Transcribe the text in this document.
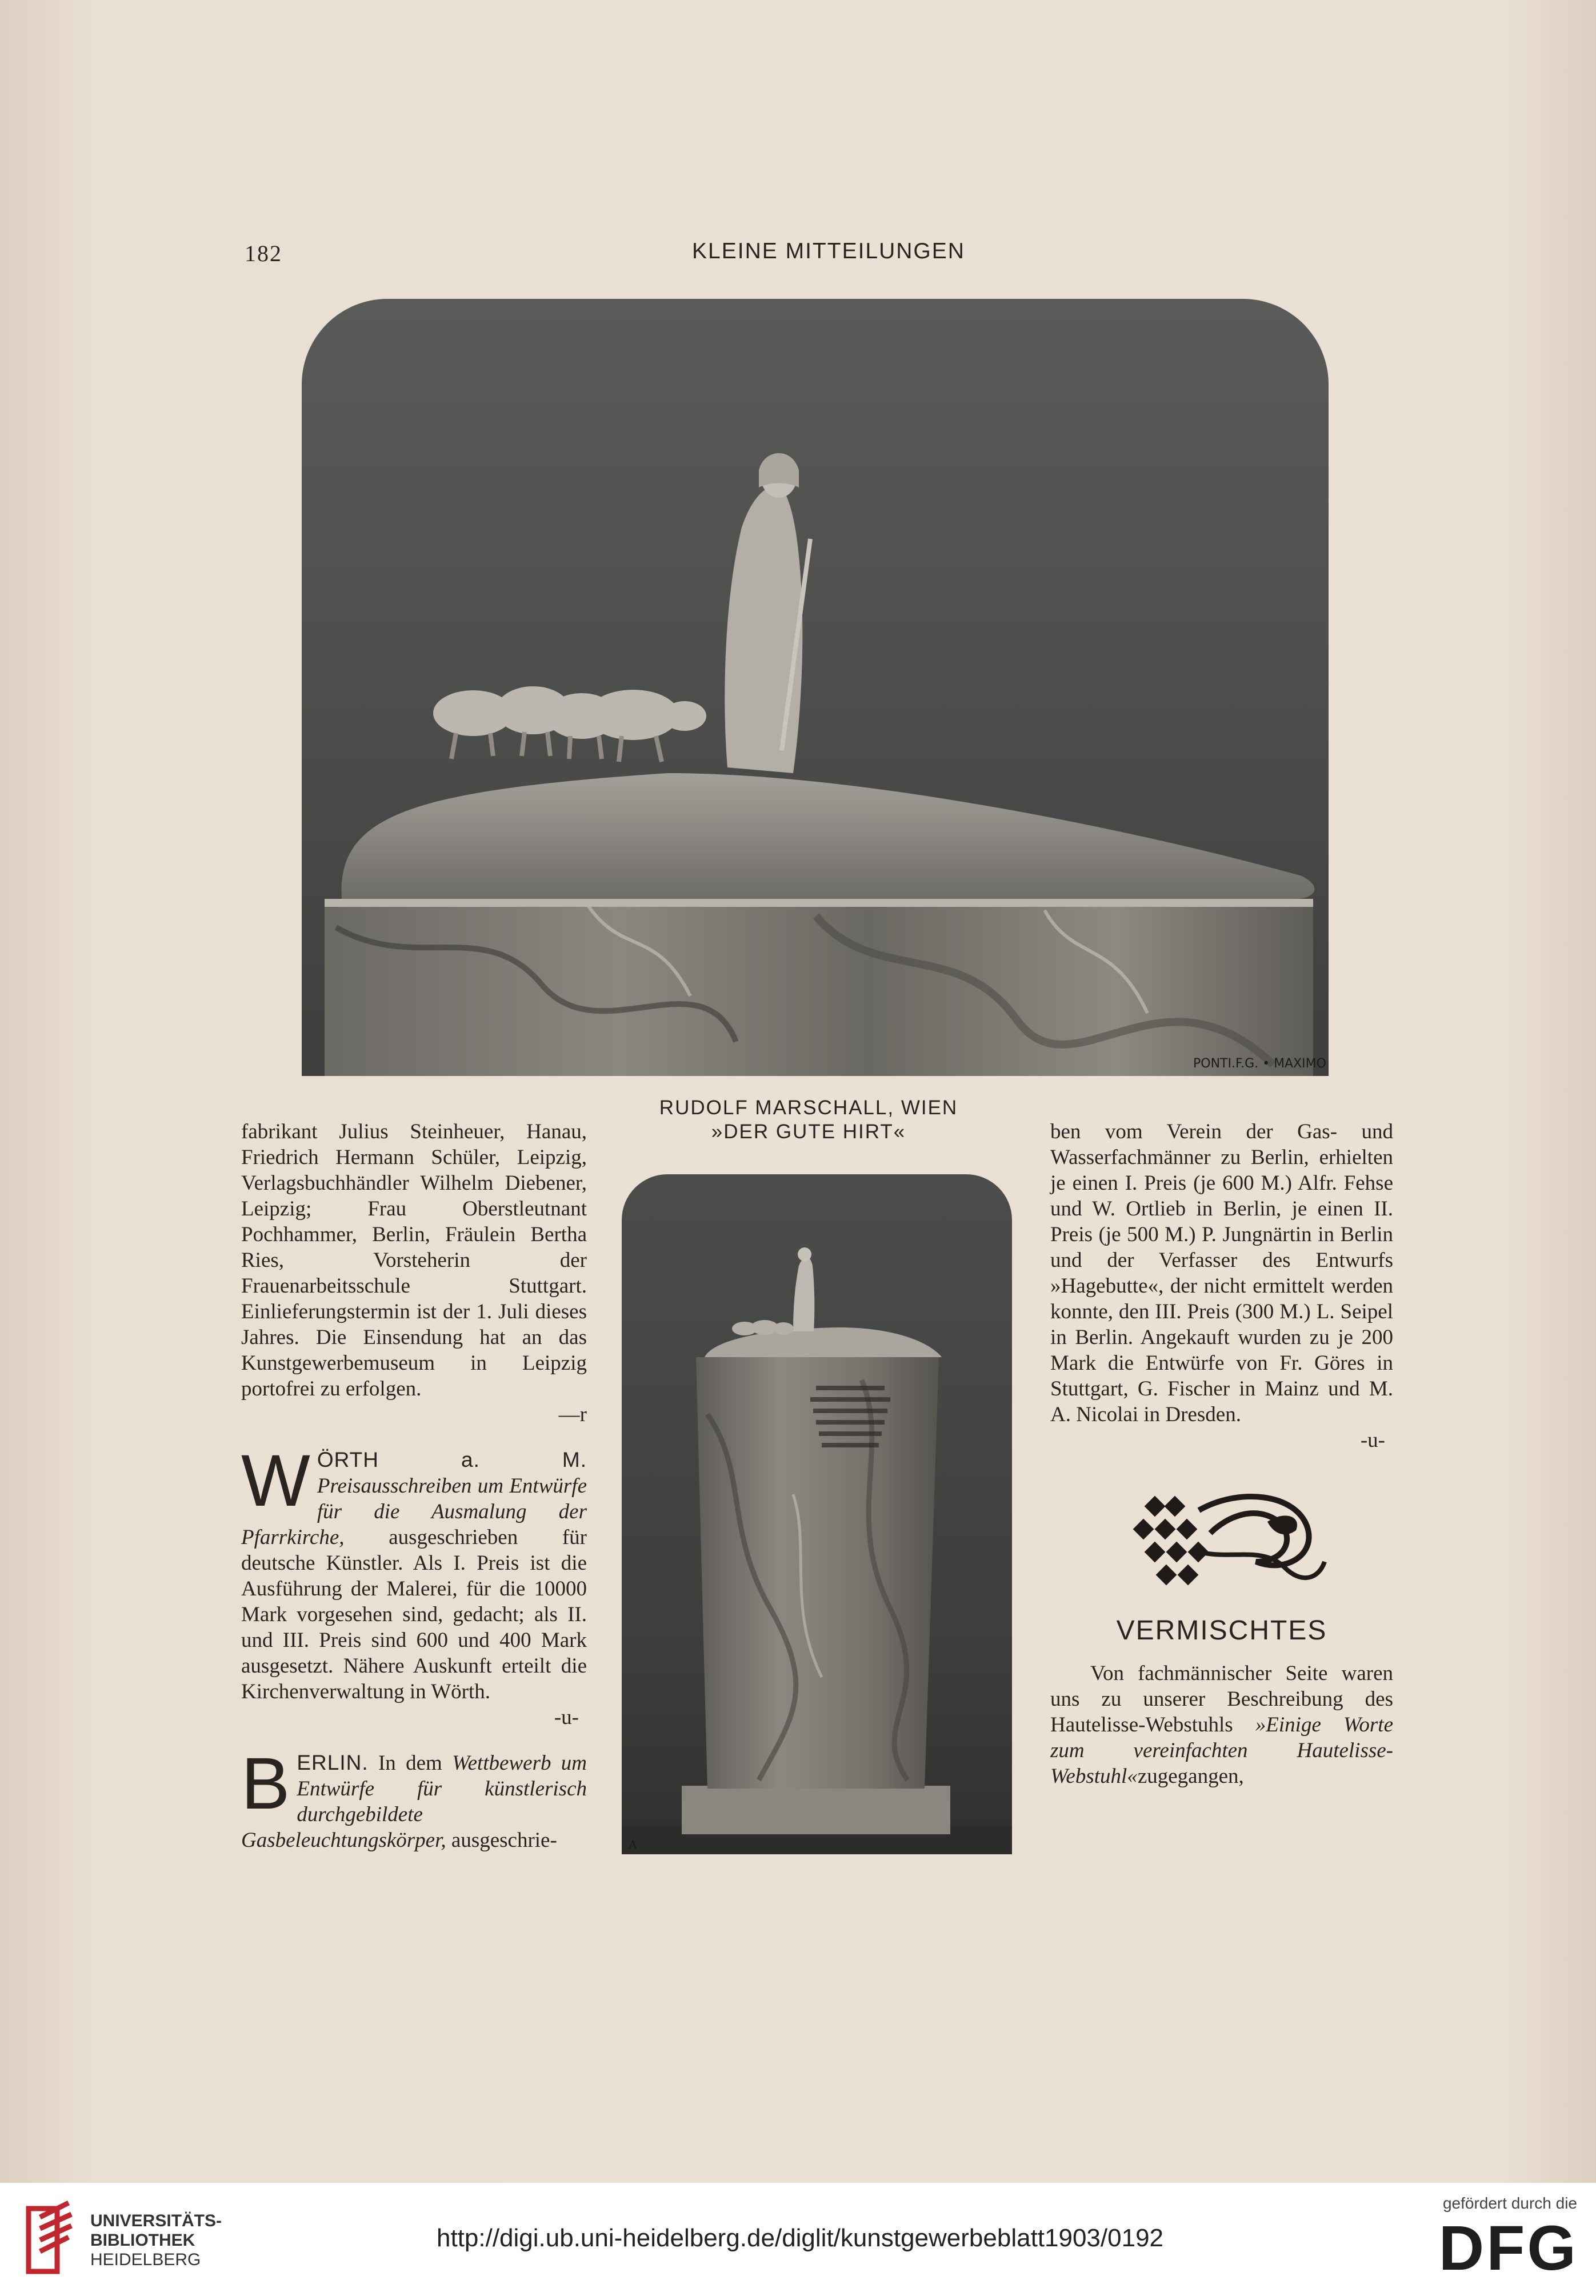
182	KLEINE MITTEILUNGEN
PONTI.F.G. • MAXIMO
RUDOLF MARSCHALL, WIEN
»DER GUTE HIRT«
A

fabrikant Julius Steinheuer, Hanau, Friedrich Hermann Schüler, Leipzig, Verlagsbuchhändler Wilhelm Diebener, Leipzig; Frau Oberstleutnant Pochhammer, Berlin, Fräulein Bertha Ries, Vorsteherin der Frauenarbeitsschule Stuttgart. Einlieferungstermin ist der 1. Juli dieses Jahres. Die Einsendung hat an das Kunstgewerbemuseum in Leipzig portofrei zu erfolgen.

—r

WÖRTH a. M. Preisausschreiben um Entwürfe für die Ausmalung der Pfarrkirche, ausgeschrieben für deutsche Künstler. Als I. Preis ist die Ausführung der Malerei, für die 10000 Mark vorgesehen sind, gedacht; als II. und III. Preis sind 600 und 400 Mark ausgesetzt. Nähere Auskunft erteilt die Kirchenverwaltung in Wörth.

-u-

BERLIN. In dem Wettbewerb um Entwürfe für künstlerisch durchgebildete Gasbeleuchtungskörper, ausgeschrie-

ben vom Verein der Gas- und Wasserfachmänner zu Berlin, erhielten je einen I. Preis (je 600 M.) Alfr. Fehse und W. Ortlieb in Berlin, je einen II. Preis (je 500 M.) P. Jungnärtin in Berlin und der Verfasser des Entwurfs »Hagebutte«, der nicht ermittelt werden konnte, den III. Preis (300 M.) L. Seipel in Berlin. Angekauft wurden zu je 200 Mark die Entwürfe von Fr. Göres in Stuttgart, G. Fischer in Mainz und M. A. Nicolai in Dresden.

-u-

VERMISCHTES

Von fachmännischer Seite waren uns zu unserer Beschreibung des Hautelisse-Webstuhls »Einige Worte zum vereinfachten Hautelisse-Webstuhl«zugegangen,

UNIVERSITÄTS-
BIBLIOTHEK
HEIDELBERG
http://digi.ub.uni-heidelberg.de/diglit/kunstgewerbeblatt1903/0192
gefördert durch die
DFG
